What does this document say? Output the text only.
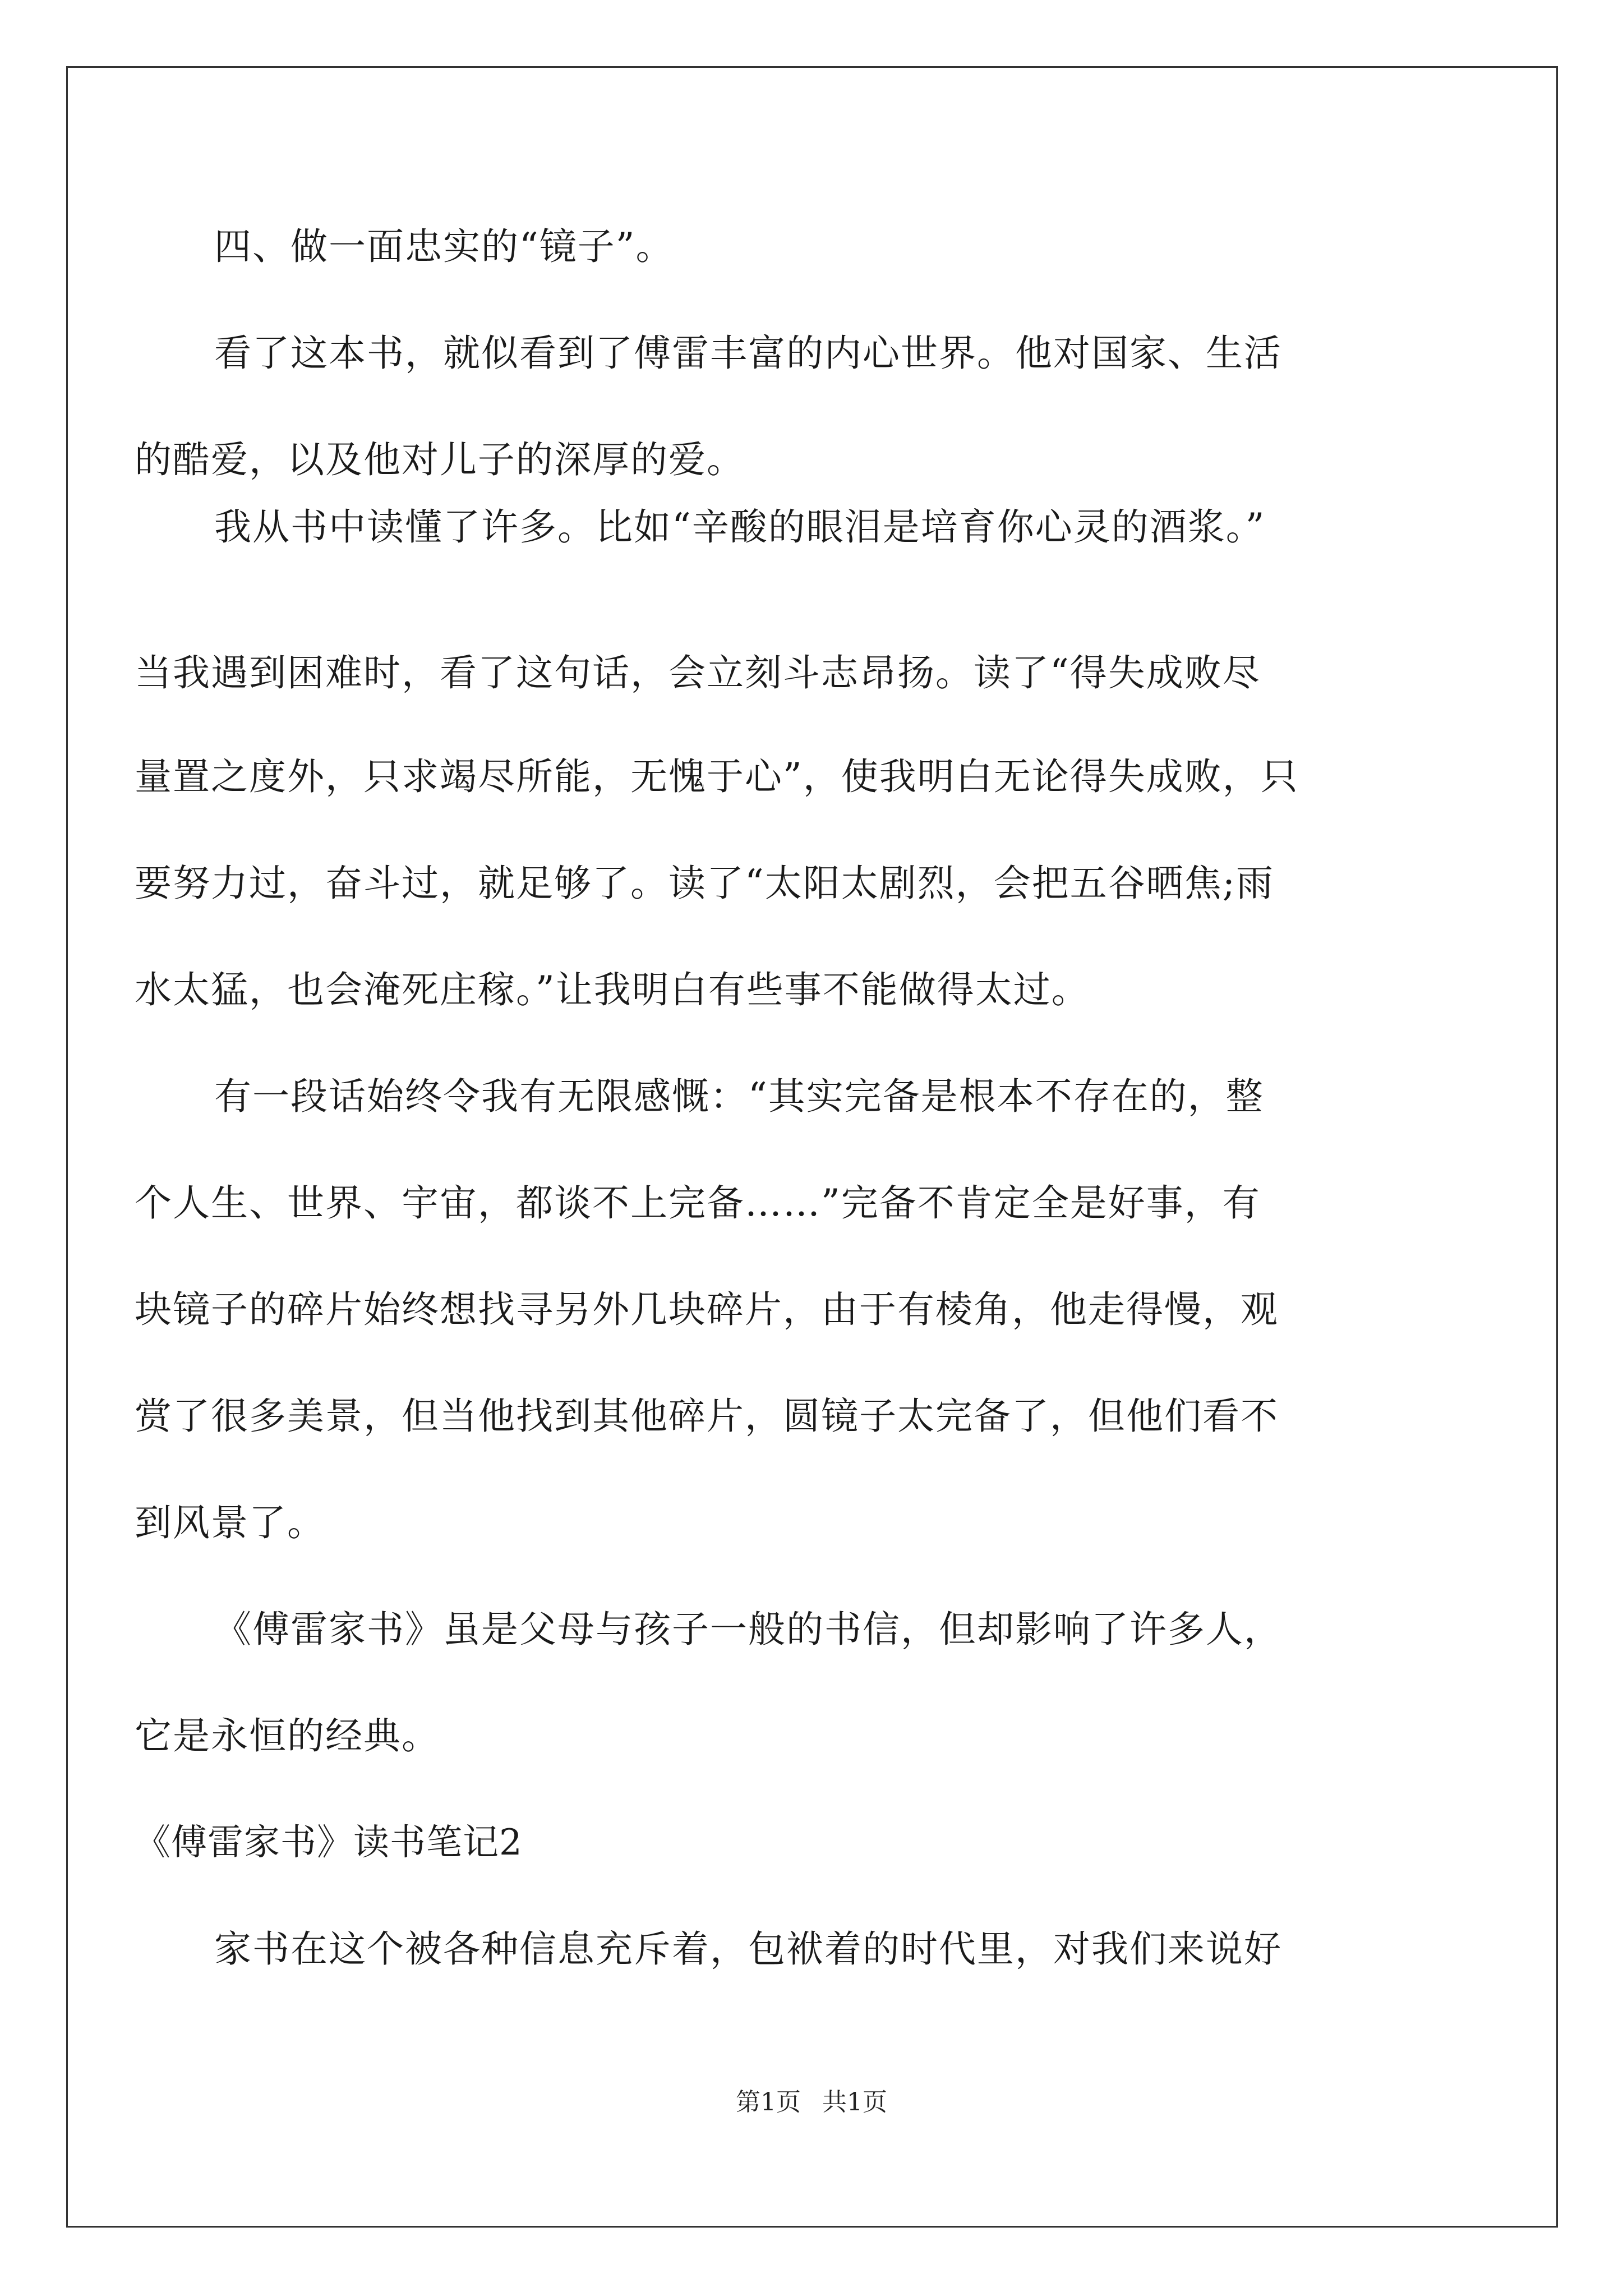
四、做一面忠实的“镜子”。
看了这本书，就似看到了傅雷丰富的内心世界。他对国家、生活
的酷爱，以及他对儿子的深厚的爱。
我从书中读懂了许多。比如“辛酸的眼泪是培育你心灵的酒浆。”
当我遇到困难时，看了这句话，会立刻斗志昂扬。读了“得失成败尽
量置之度外，只求竭尽所能，无愧于心”，使我明白无论得失成败，只
要努力过，奋斗过，就足够了。读了“太阳太剧烈，会把五谷晒焦;雨
水太猛，也会淹死庄稼。”让我明白有些事不能做得太过。
有一段话始终令我有无限感慨：“其实完备是根本不存在的，整
个人生、世界、宇宙，都谈不上完备……”完备不肯定全是好事，有
块镜子的碎片始终想找寻另外几块碎片，由于有棱角，他走得慢，观
赏了很多美景，但当他找到其他碎片，圆镜子太完备了，但他们看不
到风景了。
《傅雷家书》虽是父母与孩子一般的书信，但却影响了许多人，
它是永恒的经典。
《傅雷家书》读书笔记2
家书在这个被各种信息充斥着，包袱着的时代里，对我们来说好
第1页 共1页
